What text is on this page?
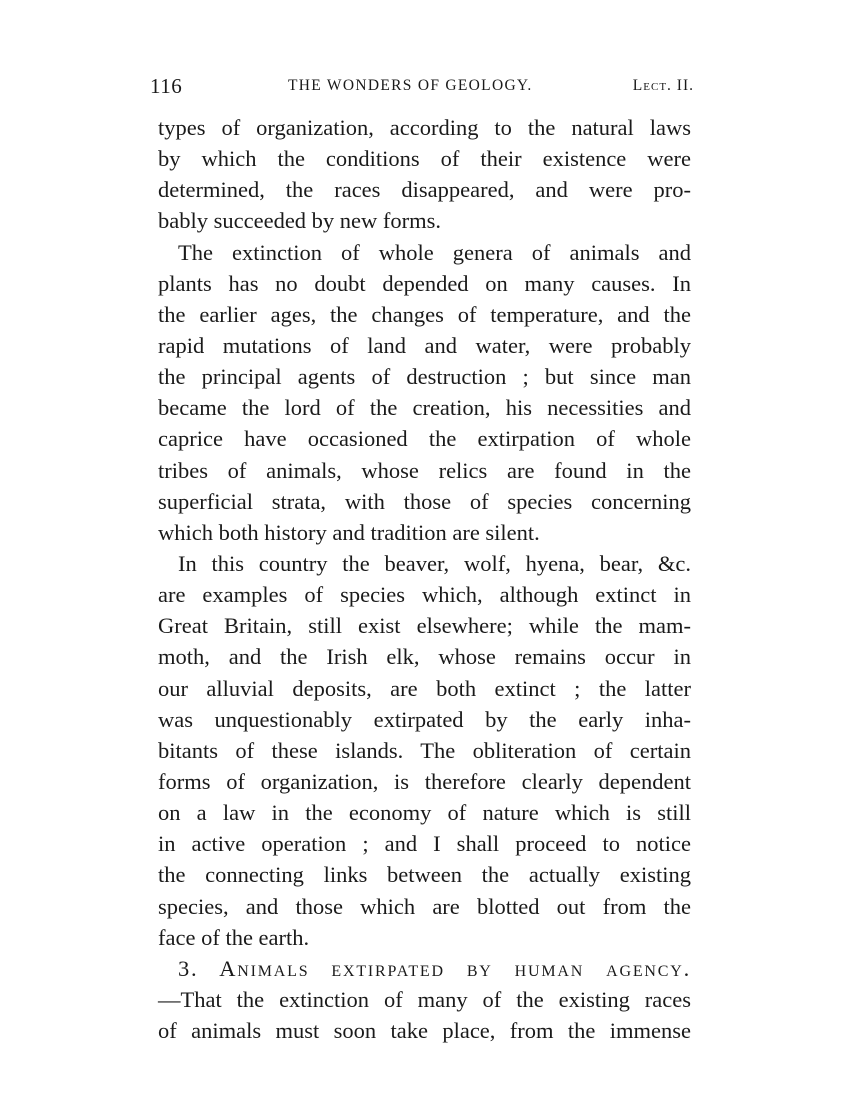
116	THE WONDERS OF GEOLOGY.	Lect. II.
types of organization, according to the natural laws
by which the conditions of their existence were
determined, the races disappeared, and were pro-
bably succeeded by new forms.
The extinction of whole genera of animals and
plants has no doubt depended on many causes. In
the earlier ages, the changes of temperature, and the
rapid mutations of land and water, were probably
the principal agents of destruction ; but since man
became the lord of the creation, his necessities and
caprice have occasioned the extirpation of whole
tribes of animals, whose relics are found in the
superficial strata, with those of species concerning
which both history and tradition are silent.
In this country the beaver, wolf, hyena, bear, &c.
are examples of species which, although extinct in
Great Britain, still exist elsewhere; while the mam-
moth, and the Irish elk, whose remains occur in
our alluvial deposits, are both extinct ; the latter
was unquestionably extirpated by the early inha-
bitants of these islands. The obliteration of certain
forms of organization, is therefore clearly dependent
on a law in the economy of nature which is still
in active operation ; and I shall proceed to notice
the connecting links between the actually existing
species, and those which are blotted out from the
face of the earth.
3. Animals extirpated by human agency.
—That the extinction of many of the existing races
of animals must soon take place, from the immense
